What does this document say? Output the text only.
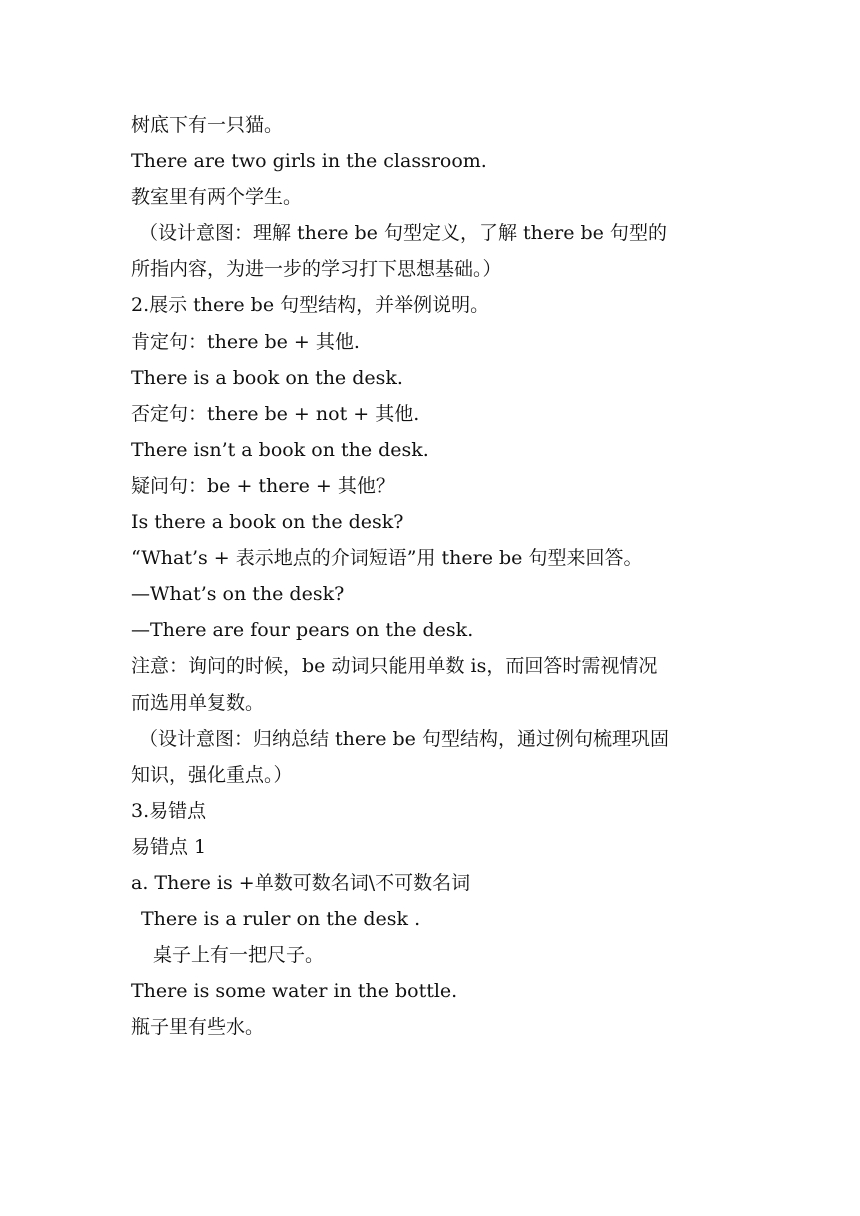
树底下有一只猫。
There are two girls in the classroom.
教室里有两个学生。
（设计意图：理解 there be 句型定义，了解 there be 句型的
所指内容，为进一步的学习打下思想基础。）
2.展示 there be 句型结构，并举例说明。
肯定句：there be + 其他.
There is a book on the desk.
否定句：there be + not + 其他.
There isn’t a book on the desk.
疑问句：be + there + 其他？
Is there a book on the desk?
“What’s + 表示地点的介词短语”用 there be 句型来回答。
—What’s on the desk?
—There are four pears on the desk.
注意：询问的时候，be 动词只能用单数 is，而回答时需视情况
而选用单复数。
（设计意图：归纳总结 there be 句型结构，通过例句梳理巩固
知识，强化重点。）
3.易错点
易错点 1
a. There is +单数可数名词\不可数名词
There is a ruler on the desk .
桌子上有一把尺子。
There is some water in the bottle.
瓶子里有些水。
